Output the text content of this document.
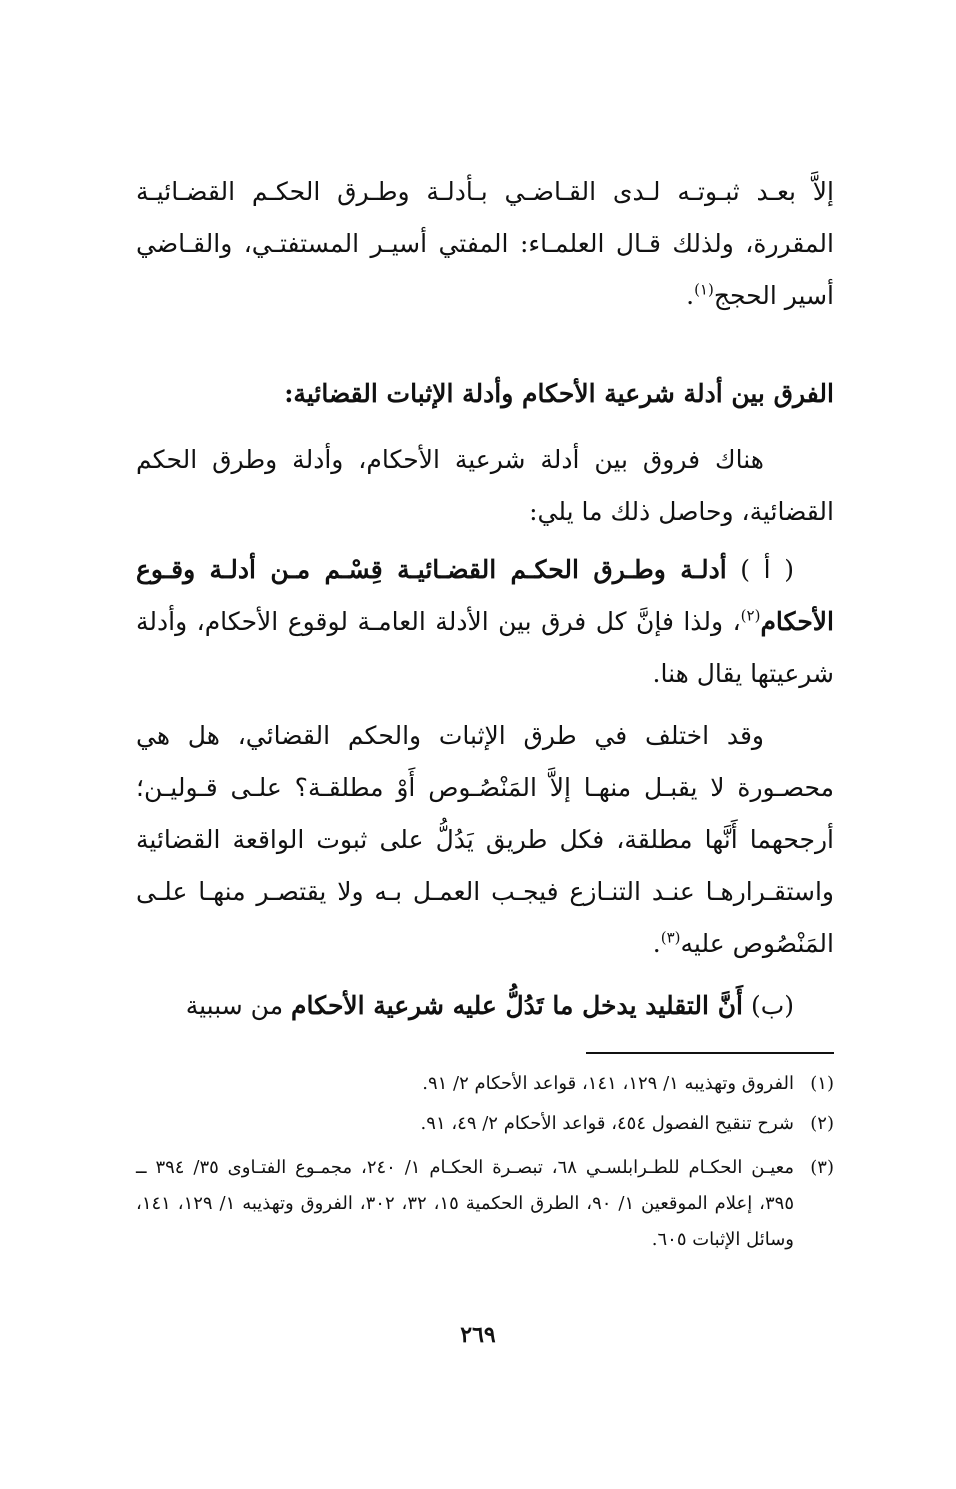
إلاَّ بعـد ثبـوتـه لـدى القـاضـي بـأدلـة وطـرق الحكـم القضـائيـة المقررة، ولذلك قـال العلمـاء: المفتي أسيـر المستفتـي، والقـاضي أسير الحجج$^{(١)}$.

الفرق بين أدلة شرعية الأحكام وأدلة الإثبات القضائية:

هناك فروق بين أدلة شرعية الأحكام، وأدلة وطرق الحكم القضائية، وحاصل ذلك ما يلي:

( أ ) أدلـة وطـرق الحكـم القضـائيـة قِسْـم مـن أدلـة وقـوع الأحكام$^{(٢)}$، ولذا فإنَّ كل فرق بين الأدلة العامـة لوقوع الأحكام، وأدلة شرعيتها يقال هنا.

وقد اختلف في طرق الإثبات والحكم القضائي، هل هي محصـورة لا يقبـل منهـا إلاَّ المَنْصُـوص أَوْ مطلقـة؟ علـى قـوليـن؛ أرجحهما أَنَّها مطلقة، فكل طريق يَدُلُّ على ثبوت الواقعة القضائية واستقـرارهـا عنـد التنـازع فيجـب العمـل بـه ولا يقتصـر منهـا علـى المَنْصُوص عليه$^{(٣)}$.

(ب) أَنَّ التقليد يدخل ما تَدُلُّ عليه شرعية الأحكام من سببية

(١)الفروق وتهذيبه ١/ ١٢٩، ١٤١، قواعد الأحكام ٢/ ٩١.
(٢)شرح تنقيح الفصول ٤٥٤، قواعد الأحكام ٢/ ٤٩، ٩١.
(٣)
معيـن الحكـام للطـرابلسـي ٦٨، تبصـرة الحكـام ١/ ٢٤٠، مجمـوع الفتـاوى ٣٥/ ٣٩٤ ــ ٣٩٥، إعلام الموقعين ١/ ٩٠، الطرق الحكمية ١٥، ٣٢، ٣٠٢، الفروق وتهذيبه ١/ ١٢٩، ١٤١، وسائل الإثبات ٦٠٥.
٢٦٩
